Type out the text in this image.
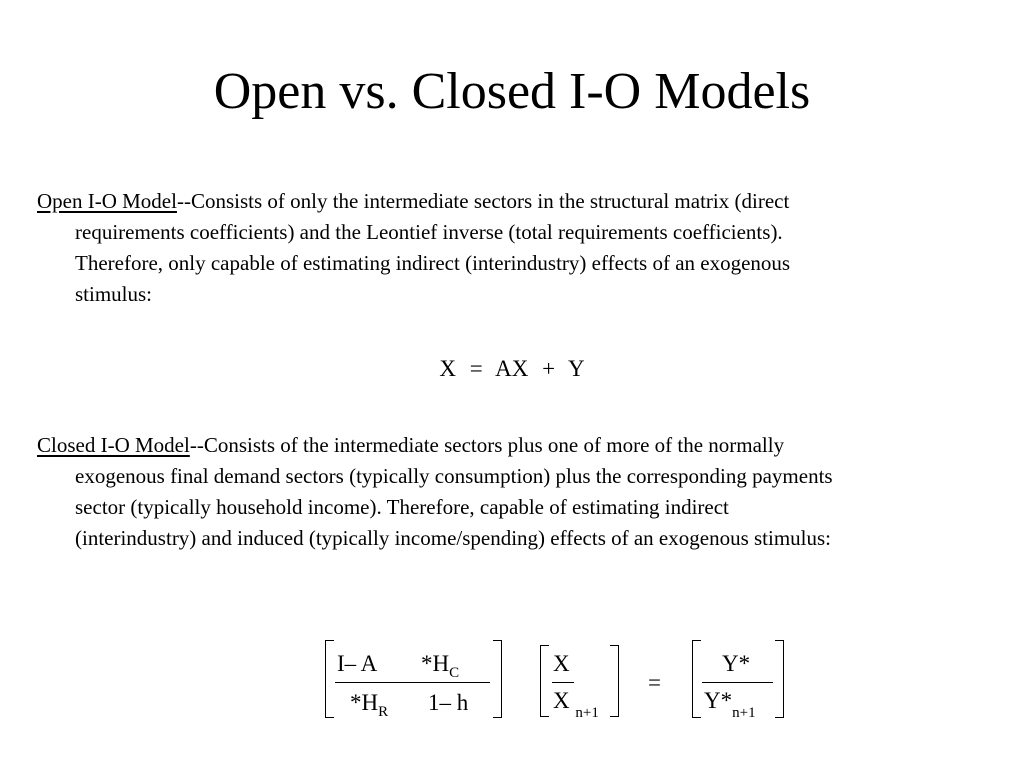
Open vs. Closed I-O Models

Open I-O Model--Consists of only the intermediate sectors in the structural matrix (direct
requirements coefficients) and the Leontief inverse (total requirements coefficients).
Therefore, only capable of estimating indirect (interindustry) effects of an exogenous
stimulus:

X = AX + Y

Closed I-O Model--Consists of the intermediate sectors plus one of more of the normally
exogenous final demand sectors (typically consumption) plus the corresponding payments
sector (typically household income). Therefore, capable of estimating indirect
(interindustry) and induced (typically income/spending) effects of an exogenous stimulus:

I– A $*H_C$
$*H_R$ 1– h
X
X $_{n+1}$
=
Y*
$Y*_{n+1}$
